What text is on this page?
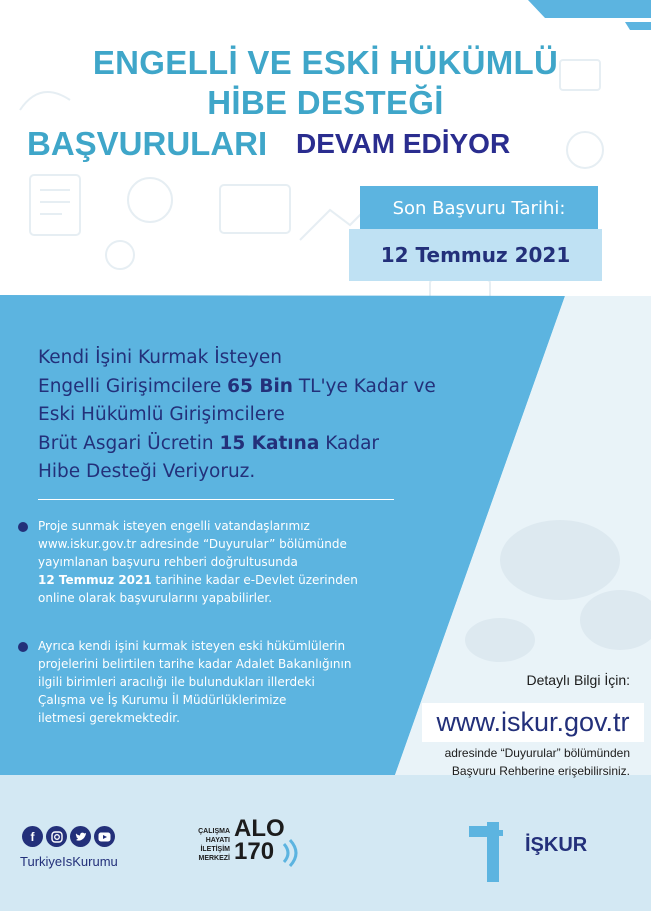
ENGELLİ VE ESKİ HÜKÜMLÜ
HİBE DESTEĞİ
BAŞVURULARI DEVAM EDİYOR
Son Başvuru Tarihi:
12 Temmuz 2021
Kendi İşini Kurmak İsteyen
Engelli Girişimcilere 65 Bin TL'ye Kadar ve
Eski Hükümlü Girişimcilere
Brüt Asgari Ücretin 15 Katına Kadar
Hibe Desteği Veriyoruz.
Proje sunmak isteyen engelli vatandaşlarımız
www.iskur.gov.tr adresinde “Duyurular” bölümünde
yayımlanan başvuru rehberi doğrultusunda
12 Temmuz 2021 tarihine kadar e-Devlet üzerinden
online olarak başvurularını yapabilirler.
Ayrıca kendi işini kurmak isteyen eski hükümlülerin
projelerini belirtilen tarihe kadar Adalet Bakanlığının
ilgili birimleri aracılığı ile bulundukları illerdeki
Çalışma ve İş Kurumu İl Müdürlüklerimize
iletmesi gerekmektedir.
Detaylı Bilgi İçin:
www.iskur.gov.tr
adresinde “Duyurular” bölümünden
Başvuru Rehberine erişebilirsiniz.
f
TurkiyeIsKurumu
ÇALIŞMA
HAYATI
İLETİŞİM
MERKEZİ
ALO
170	İŞKUR
